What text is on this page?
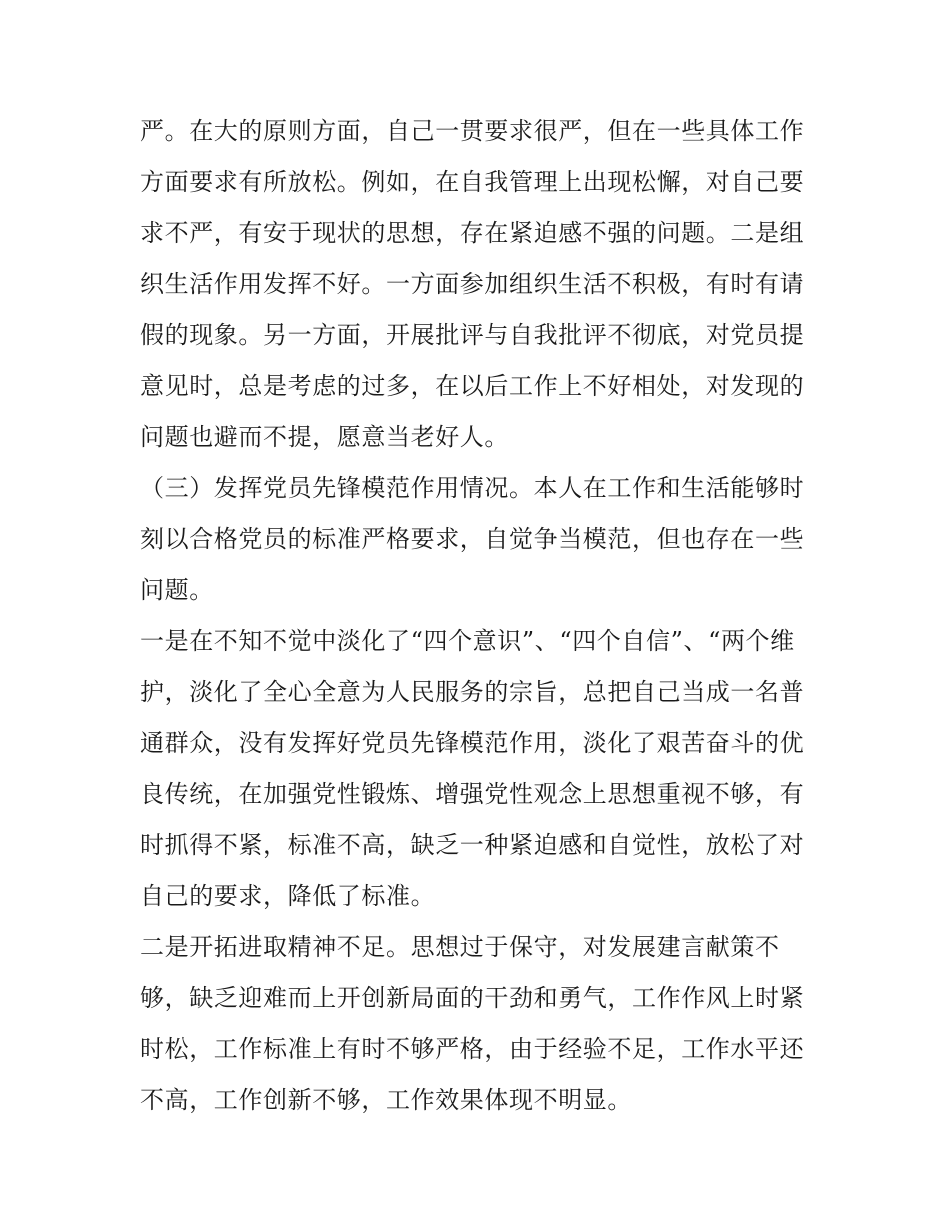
严。在大的原则方面，自己一贯要求很严，但在一些具体工作
方面要求有所放松。例如，在自我管理上出现松懈，对自己要
求不严，有安于现状的思想，存在紧迫感不强的问题。二是组
织生活作用发挥不好。一方面参加组织生活不积极，有时有请
假的现象。另一方面，开展批评与自我批评不彻底，对党员提
意见时，总是考虑的过多，在以后工作上不好相处，对发现的
问题也避而不提，愿意当老好人。
（三）发挥党员先锋模范作用情况。本人在工作和生活能够时
刻以合格党员的标准严格要求，自觉争当模范，但也存在一些
问题。
一是在不知不觉中淡化了“四个意识”、“四个自信”、“两个维
护，淡化了全心全意为人民服务的宗旨，总把自己当成一名普
通群众，没有发挥好党员先锋模范作用，淡化了艰苦奋斗的优
良传统，在加强党性锻炼、增强党性观念上思想重视不够，有
时抓得不紧，标准不高，缺乏一种紧迫感和自觉性，放松了对
自己的要求，降低了标准。
二是开拓进取精神不足。思想过于保守，对发展建言献策不
够，缺乏迎难而上开创新局面的干劲和勇气，工作作风上时紧
时松，工作标准上有时不够严格，由于经验不足，工作水平还
不高，工作创新不够，工作效果体现不明显。
